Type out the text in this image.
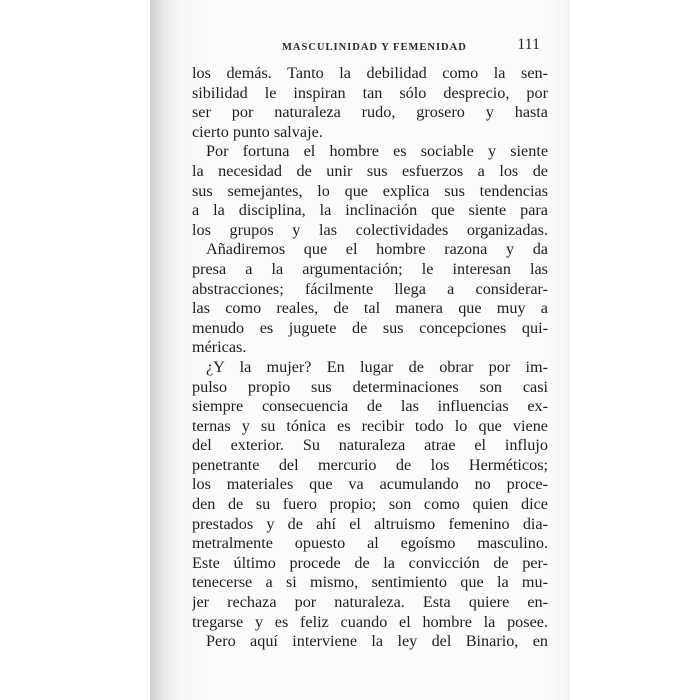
MASCULINIDAD Y FEMENIDAD	111
los demás. Tanto la debilidad como la sen-
sibilidad le inspiran tan sólo desprecio, por
ser por naturaleza rudo, grosero y hasta
cierto punto salvaje.
Por fortuna el hombre es sociable y siente
la necesidad de unir sus esfuerzos a los de
sus semejantes, lo que explica sus tendencias
a la disciplina, la inclinación que siente para
los grupos y las colectividades organizadas.
Añadiremos que el hombre razona y da
presa a la argumentación; le interesan las
abstracciones; fácilmente llega a considerar-
las como reales, de tal manera que muy a
menudo es juguete de sus concepciones qui-
méricas.
¿Y la mujer? En lugar de obrar por im-
pulso propio sus determinaciones son casi
siempre consecuencia de las influencias ex-
ternas y su tónica es recibir todo lo que viene
del exterior. Su naturaleza atrae el influjo
penetrante del mercurio de los Herméticos;
los materiales que va acumulando no proce-
den de su fuero propio; son como quien dice
prestados y de ahí el altruismo femenino dia-
metralmente opuesto al egoísmo masculino.
Este último procede de la convicción de per-
tenecerse a si mismo, sentimiento que la mu-
jer rechaza por naturaleza. Esta quiere en-
tregarse y es feliz cuando el hombre la posee.
Pero aquí interviene la ley del Binario, en
